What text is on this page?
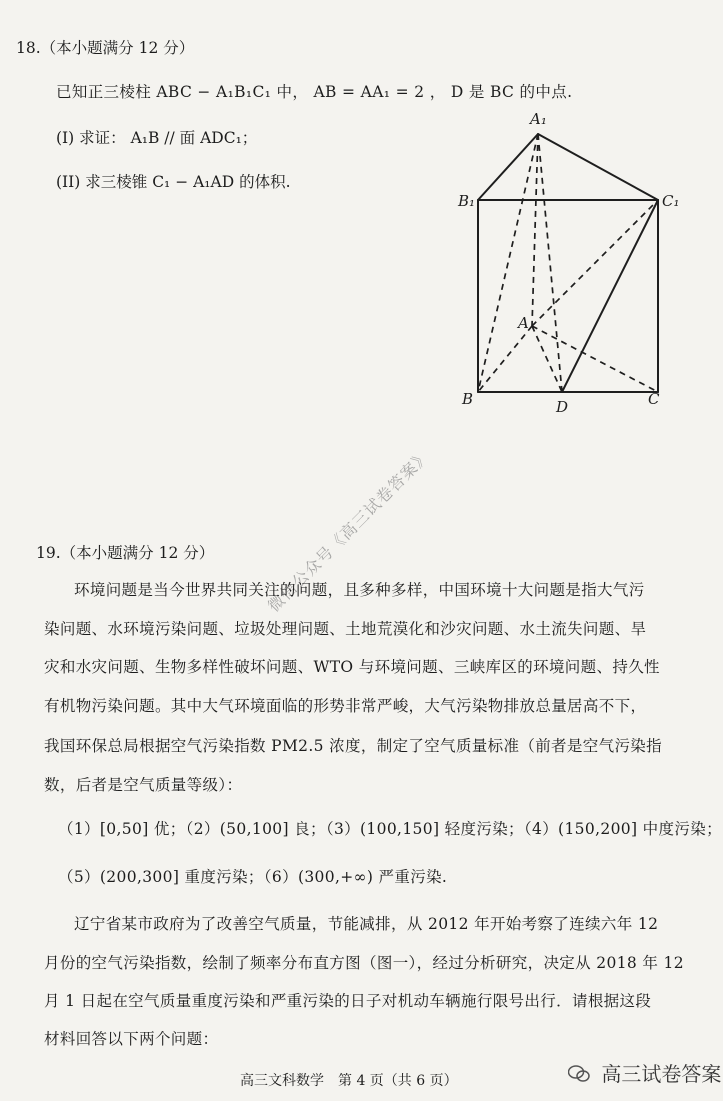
18.（本小题满分 12 分）
已知正三棱柱 ABC − A₁B₁C₁ 中， AB = AA₁ = 2 ， D 是 BC 的中点.
(I) 求证： A₁B // 面 ADC₁；
(II) 求三棱锥 C₁ − A₁AD 的体积.
A₁
B₁	C₁
A
B	D	C
微信公众号《高三试卷答案》
19.（本小题满分 12 分）
环境问题是当今世界共同关注的问题，且多种多样，中国环境十大问题是指大气污
染问题、水环境污染问题、垃圾处理问题、土地荒漠化和沙灾问题、水土流失问题、旱
灾和水灾问题、生物多样性破坏问题、WTO 与环境问题、三峡库区的环境问题、持久性
有机物污染问题。其中大气环境面临的形势非常严峻，大气污染物排放总量居高不下，
我国环保总局根据空气污染指数 PM2.5 浓度，制定了空气质量标准（前者是空气污染指
数，后者是空气质量等级）：
（1）[0,50] 优；（2）(50,100] 良；（3）(100,150] 轻度污染；（4）(150,200] 中度污染；
（5）(200,300] 重度污染；（6）(300,+∞) 严重污染.
辽宁省某市政府为了改善空气质量，节能减排，从 2012 年开始考察了连续六年 12
月份的空气污染指数，绘制了频率分布直方图（图一），经过分析研究，决定从 2018 年 12
月 1 日起在空气质量重度污染和严重污染的日子对机动车辆施行限号出行．请根据这段
材料回答以下两个问题：
高三文科数学　第 4 页（共 6 页）	高三试卷答案
